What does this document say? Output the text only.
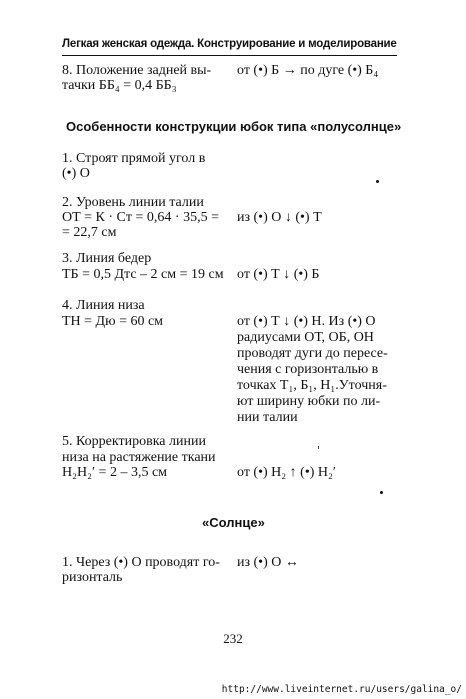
Легкая женская одежда. Конструирование и моделирование
8. Положение задней вы-
тачки ББ₄ = 0,4 ББ₃
от (•) Б → по дуге (•) Б₄
Особенности конструкции юбок типа «полусолнце»
1. Строят прямой угол в
(•) О
2. Уровень линии талии
ОТ = К · Cт = 0,64 · 35,5 =
= 22,7 см
из (•) О ↓ (•) Т
3. Линия бедер
ТБ = 0,5 Дтс – 2 см = 19 см от (•) Т ↓ (•) Б
4. Линия низа
ТН = Дю = 60 см	от (•) Т ↓ (•) Н. Из (•) О
радиусами ОТ, ОБ, ОН
проводят дуги до пересе-
чения с горизонталью в
точках Т₁, Б₁, Н₁.Уточня-
ют ширину юбки по ли-
нии талии
5. Корректировка линии
низа на растяжение ткани
Н₂Н₂′ = 2 – 3,5 см	от (•) Н₂ ↑ (•) Н₂′
«Солнце»
1. Через (•) О проводят го-
ризонталь
из (•) О ↔
232
http://www.liveinternet.ru/users/galina_o/
